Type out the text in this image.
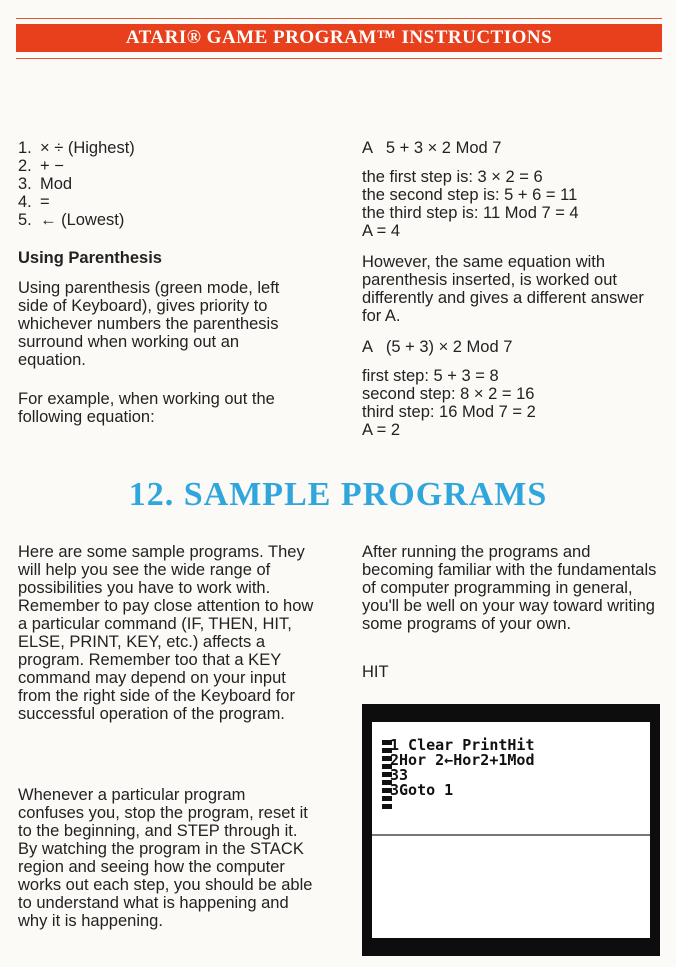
ATARI® GAME PROGRAM™ INSTRUCTIONS
1. × ÷ (Highest)
2. + −
3. Mod
4. =
5. ← (Lowest)
Using Parenthesis

Using parenthesis (green mode, left side of Keyboard), gives priority to whichever numbers the parenthesis surround when working out an equation.

For example, when working out the following equation:

A   5 + 3 × 2 Mod 7
the first step is: 3 × 2 = 6
the second step is: 5 + 6 = 11
the third step is: 11 Mod 7 = 4
A = 4

However, the same equation with parenthesis inserted, is worked out differently and gives a different answer for A.

A   (5 + 3) × 2 Mod 7
first step: 5 + 3 = 8
second step: 8 × 2 = 16
third step: 16 Mod 7 = 2
A = 2
12. SAMPLE PROGRAMS

Here are some sample programs. They will help you see the wide range of possibilities you have to work with. Remember to pay close attention to how a particular command (IF, THEN, HIT, ELSE, PRINT, KEY, etc.) affects a program. Remember too that a KEY command may depend on your input from the right side of the Keyboard for successful operation of the program.

Whenever a particular program confuses you, stop the program, reset it to the beginning, and STEP through it. By watching the program in the STACK region and seeing how the computer works out each step, you should be able to understand what is happening and why it is happening.

After running the programs and becoming familiar with the fundamentals of computer programming in general, you'll be well on your way toward writing some programs of your own.

HIT
1 Clear PrintHit
2Hor 2←Hor2+1Mod
33
3Goto 1
